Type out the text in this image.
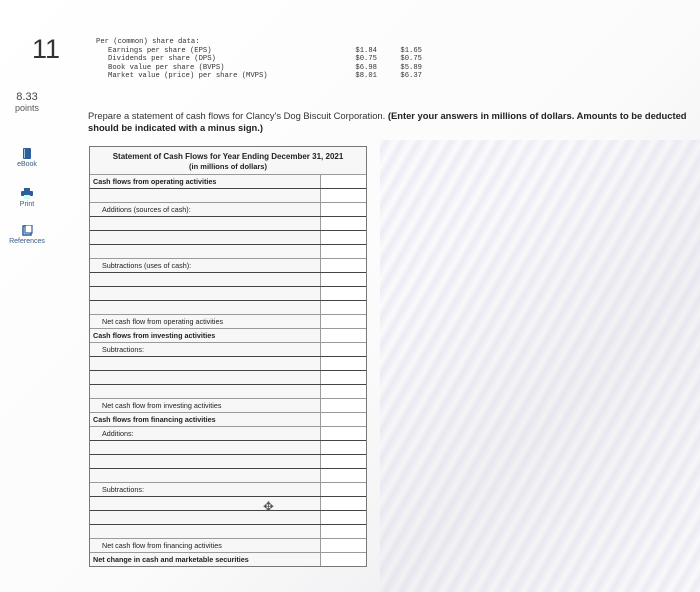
11
8.33
points
eBook
Print
References
Per (common) share data:
Earnings per share (EPS)	$1.84	$1.65
Dividends per share (DPS)	$0.75	$0.75
Book value per share (BVPS)	$6.98	$5.89
Market value (price) per share (MVPS)	$8.01	$6.37
Prepare a statement of cash flows for Clancy's Dog Biscuit Corporation. (Enter your answers in millions of dollars. Amounts to be deducted should be indicated with a minus sign.)
Statement of Cash Flows for Year Ending December 31, 2021
(in millions of dollars)
Cash flows from operating activities
Additions (sources of cash):
Subtractions (uses of cash):
Net cash flow from operating activities
Cash flows from investing activities
Subtractions:
Net cash flow from investing activities
Cash flows from financing activities
Additions:
Subtractions:
Net cash flow from financing activities
Net change in cash and marketable securities
✥
